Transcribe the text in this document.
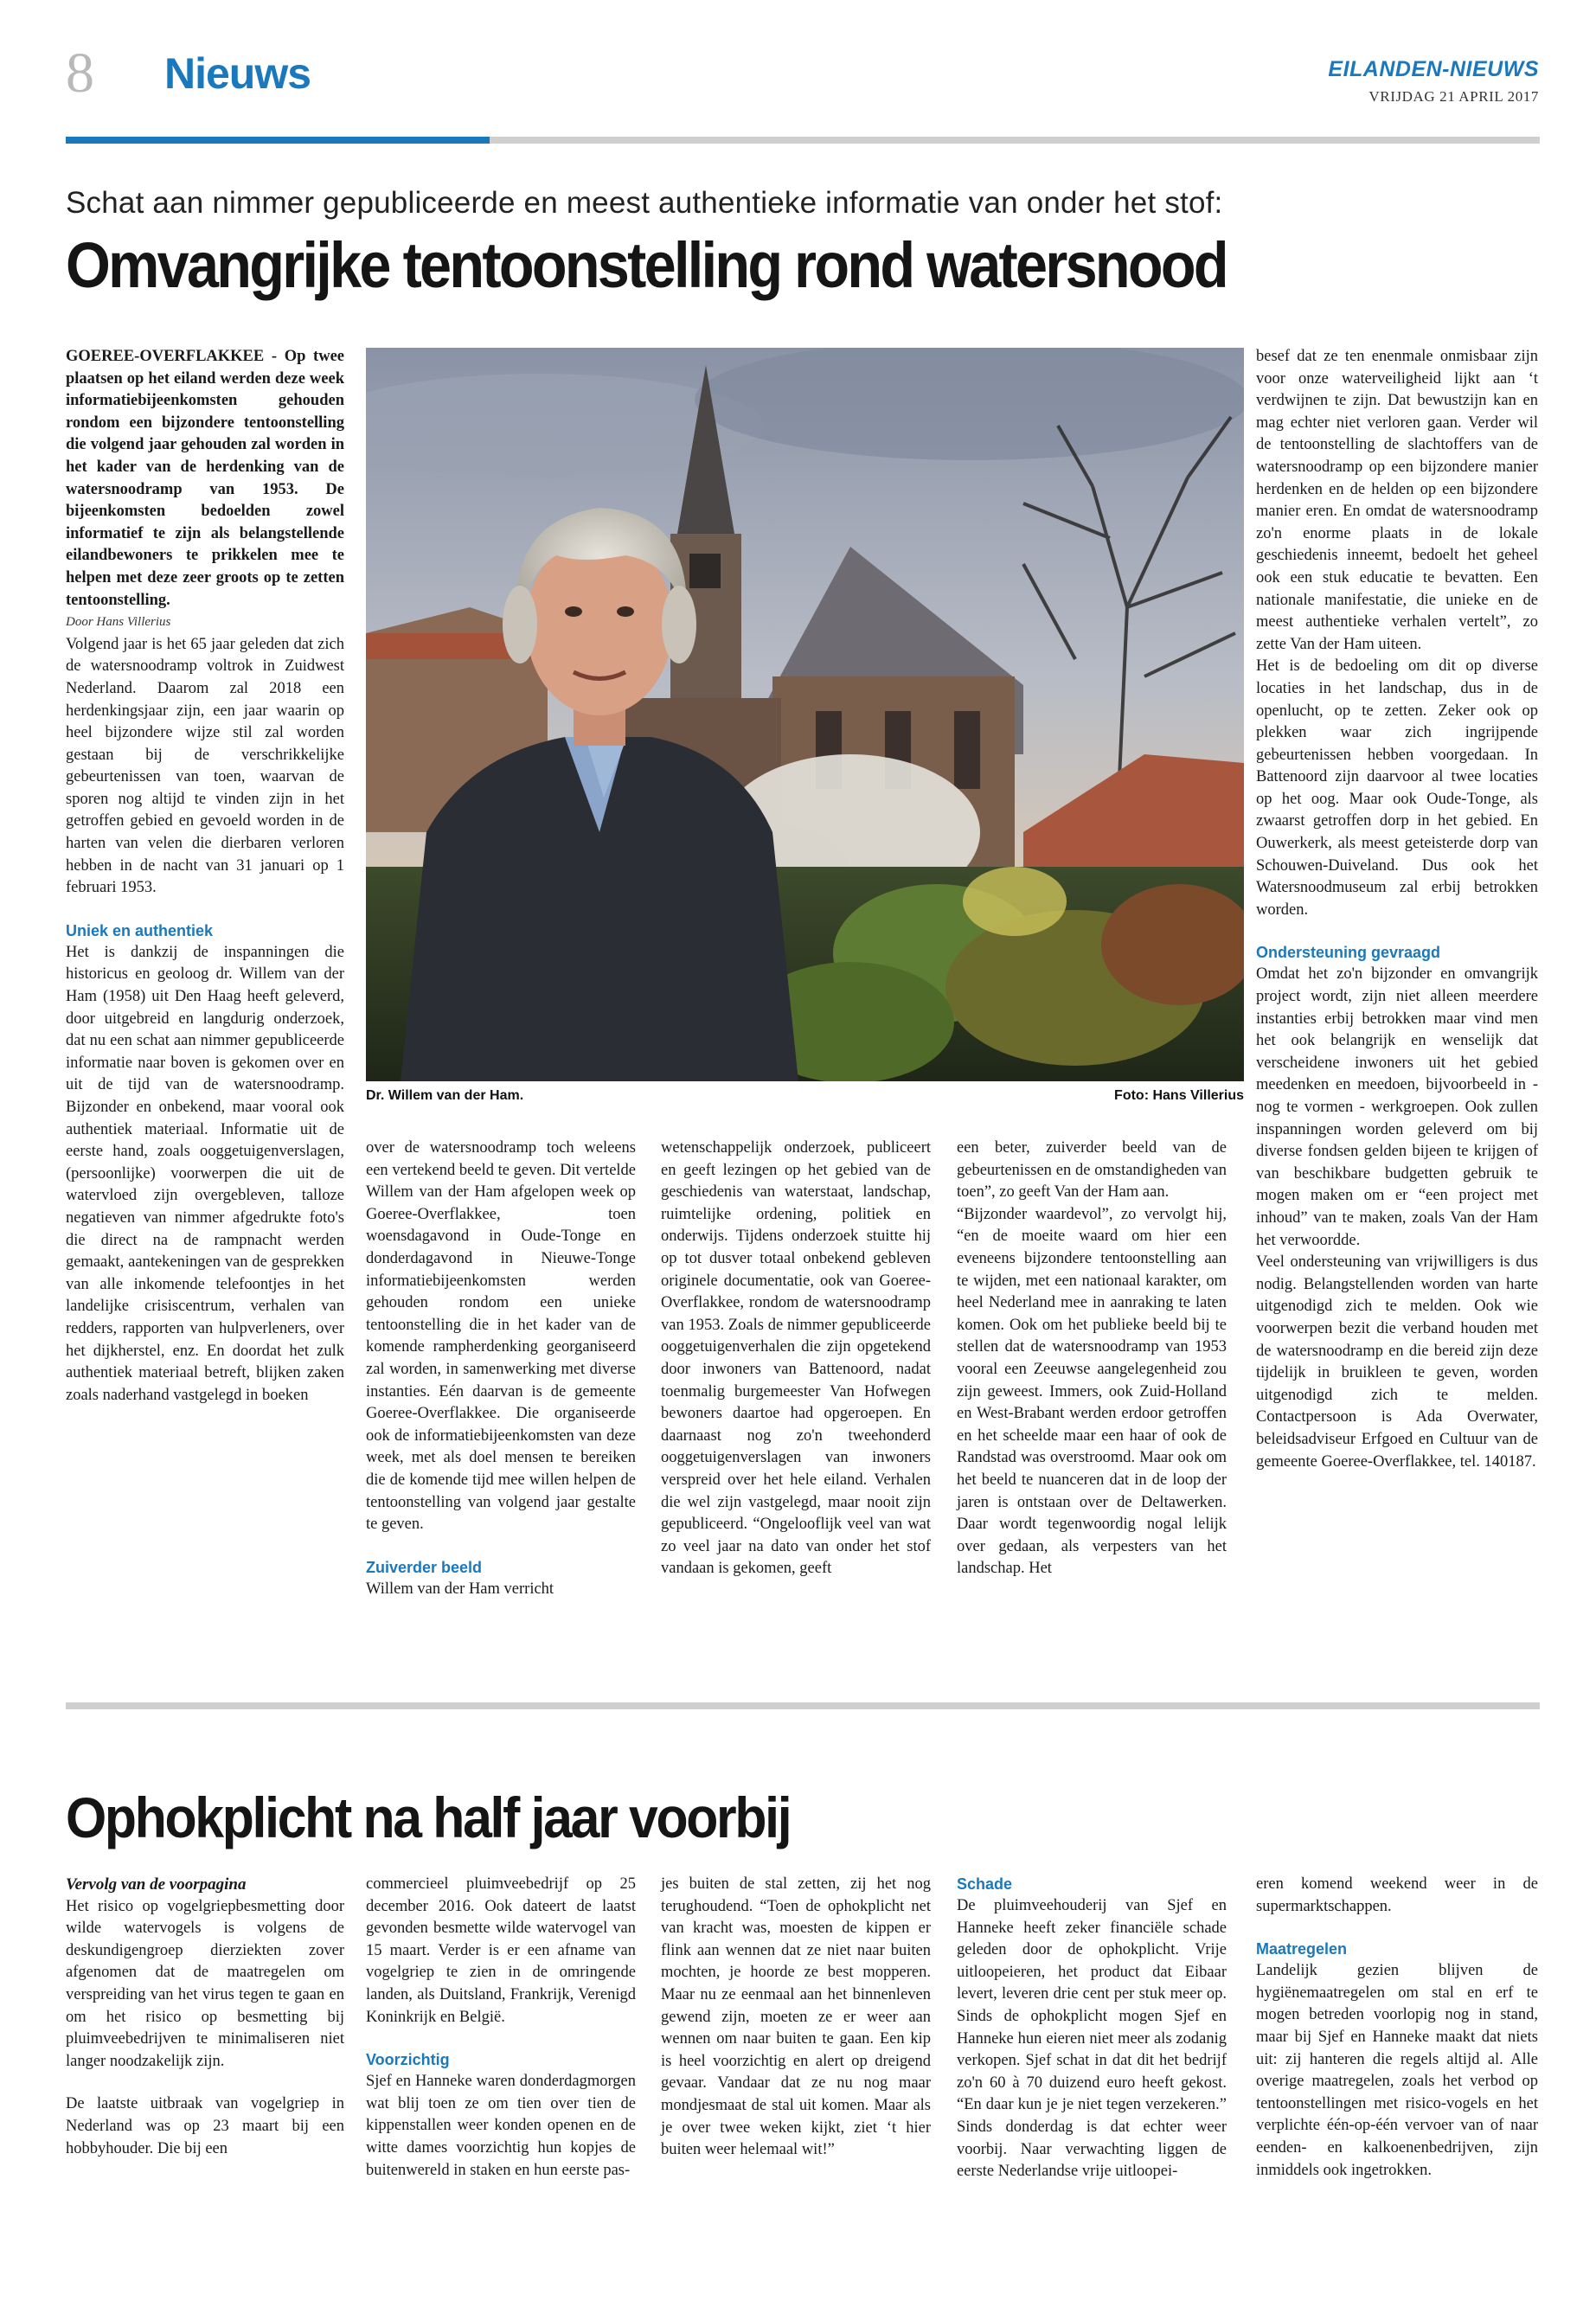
8 Nieuws	EILANDEN-NIEUWS
VRIJDAG 21 APRIL 2017
Schat aan nimmer gepubliceerde en meest authentieke informatie van onder het stof:
Omvangrijke tentoonstelling rond watersnood

GOEREE-OVERFLAKKEE - Op twee plaatsen op het eiland werden deze week informatiebijeenkomsten gehouden rondom een bijzondere tentoonstelling die volgend jaar gehouden zal worden in het kader van de herdenking van de watersnoodramp van 1953. De bijeenkomsten bedoelden zowel informatief te zijn als belangstellende eilandbewoners te prikkelen mee te helpen met deze zeer groots op te zetten tentoonstelling.

Door Hans Villerius

Volgend jaar is het 65 jaar geleden dat zich de watersnoodramp voltrok in Zuidwest Nederland. Daarom zal 2018 een herdenkingsjaar zijn, een jaar waarin op heel bijzondere wijze stil zal worden gestaan bij de verschrikkelijke gebeurtenissen van toen, waarvan de sporen nog altijd te vinden zijn in het getroffen gebied en gevoeld worden in de harten van velen die dierbaren verloren hebben in de nacht van 31 januari op 1 februari 1953.

Uniek en authentiek

Het is dankzij de inspanningen die historicus en geoloog dr. Willem van der Ham (1958) uit Den Haag heeft geleverd, door uitgebreid en langdurig onderzoek, dat nu een schat aan nimmer gepubliceerde informatie naar boven is gekomen over en uit de tijd van de watersnoodramp. Bijzonder en onbekend, maar vooral ook authentiek materiaal. Informatie uit de eerste hand, zoals ooggetuigenverslagen, (persoonlijke) voorwerpen die uit de watervloed zijn overgebleven, talloze negatieven van nimmer afgedrukte foto's die direct na de rampnacht werden gemaakt, aantekeningen van de gesprekken van alle inkomende telefoontjes in het landelijke crisiscentrum, verhalen van redders, rapporten van hulpverleners, over het dijkherstel, enz. En doordat het zulk authentiek materiaal betreft, blijken zaken zoals naderhand vastgelegd in boeken

Dr. Willem van der Ham.	Foto: Hans Villerius

over de watersnoodramp toch weleens een vertekend beeld te geven. Dit vertelde Willem van der Ham afgelopen week op Goeree-Overflakkee, toen woensdagavond in Oude-Tonge en donderdagavond in Nieuwe-Tonge informatiebijeenkomsten werden gehouden rondom een unieke tentoonstelling die in het kader van de komende rampherdenking georganiseerd zal worden, in samenwerking met diverse instanties. Eén daarvan is de gemeente Goeree-Overflakkee. Die organiseerde ook de informatiebijeenkomsten van deze week, met als doel mensen te bereiken die de komende tijd mee willen helpen de tentoonstelling van volgend jaar gestalte te geven.

Zuiverder beeld

Willem van der Ham verricht

wetenschappelijk onderzoek, publiceert en geeft lezingen op het gebied van de geschiedenis van waterstaat, landschap, ruimtelijke ordening, politiek en onderwijs. Tijdens onderzoek stuitte hij op tot dusver totaal onbekend gebleven originele documentatie, ook van Goeree-Overflakkee, rondom de watersnoodramp van 1953. Zoals de nimmer gepubliceerde ooggetuigenverhalen die zijn opgetekend door inwoners van Battenoord, nadat toenmalig burgemeester Van Hofwegen bewoners daartoe had opgeroepen. En daarnaast nog zo'n tweehonderd ooggetuigenverslagen van inwoners verspreid over het hele eiland. Verhalen die wel zijn vastgelegd, maar nooit zijn gepubliceerd. “Ongelooflijk veel van wat zo veel jaar na dato van onder het stof vandaan is gekomen, geeft

een beter, zuiverder beeld van de gebeurtenissen en de omstandigheden van toen”, zo geeft Van der Ham aan.

“Bijzonder waardevol”, zo vervolgt hij, “en de moeite waard om hier een eveneens bijzondere tentoonstelling aan te wijden, met een nationaal karakter, om heel Nederland mee in aanraking te laten komen. Ook om het publieke beeld bij te stellen dat de watersnoodramp van 1953 vooral een Zeeuwse aangelegenheid zou zijn geweest. Immers, ook Zuid-Holland en West-Brabant werden erdoor getroffen en het scheelde maar een haar of ook de Randstad was overstroomd. Maar ook om het beeld te nuanceren dat in de loop der jaren is ontstaan over de Deltawerken. Daar wordt tegenwoordig nogal lelijk over gedaan, als verpesters van het landschap. Het

besef dat ze ten enenmale onmisbaar zijn voor onze waterveiligheid lijkt aan ‘t verdwijnen te zijn. Dat bewustzijn kan en mag echter niet verloren gaan. Verder wil de tentoonstelling de slachtoffers van de watersnoodramp op een bijzondere manier herdenken en de helden op een bijzondere manier eren. En omdat de watersnoodramp zo'n enorme plaats in de lokale geschiedenis inneemt, bedoelt het geheel ook een stuk educatie te bevatten. Een nationale manifestatie, die unieke en de meest authentieke verhalen vertelt”, zo zette Van der Ham uiteen.

Het is de bedoeling om dit op diverse locaties in het landschap, dus in de openlucht, op te zetten. Zeker ook op plekken waar zich ingrijpende gebeurtenissen hebben voorgedaan. In Battenoord zijn daarvoor al twee locaties op het oog. Maar ook Oude-Tonge, als zwaarst getroffen dorp in het gebied. En Ouwerkerk, als meest geteisterde dorp van Schouwen-Duiveland. Dus ook het Watersnoodmuseum zal erbij betrokken worden.

Ondersteuning gevraagd

Omdat het zo'n bijzonder en omvangrijk project wordt, zijn niet alleen meerdere instanties erbij betrokken maar vind men het ook belangrijk en wenselijk dat verscheidene inwoners uit het gebied meedenken en meedoen, bijvoorbeeld in - nog te vormen - werkgroepen. Ook zullen inspanningen worden geleverd om bij diverse fondsen gelden bijeen te krijgen of van beschikbare budgetten gebruik te mogen maken om er “een project met inhoud” van te maken, zoals Van der Ham het verwoordde.

Veel ondersteuning van vrijwilligers is dus nodig. Belangstellenden worden van harte uitgenodigd zich te melden. Ook wie voorwerpen bezit die verband houden met de watersnoodramp en die bereid zijn deze tijdelijk in bruikleen te geven, worden uitgenodigd zich te melden. Contactpersoon is Ada Overwater, beleidsadviseur Erfgoed en Cultuur van de gemeente Goeree-Overflakkee, tel. 140187.

Ophokplicht na half jaar voorbij

Vervolg van de voorpagina

Het risico op vogelgriepbesmetting door wilde watervogels is volgens de deskundigengroep dierziekten zover afgenomen dat de maatregelen om verspreiding van het virus tegen te gaan en om het risico op besmetting bij pluimveebedrijven te minimaliseren niet langer noodzakelijk zijn.

De laatste uitbraak van vogelgriep in Nederland was op 23 maart bij een hobbyhouder. Die bij een

commercieel pluimveebedrijf op 25 december 2016. Ook dateert de laatst gevonden besmette wilde watervogel van 15 maart. Verder is er een afname van vogelgriep te zien in de omringende landen, als Duitsland, Frankrijk, Verenigd Koninkrijk en België.

Voorzichtig

Sjef en Hanneke waren donderdagmorgen wat blij toen ze om tien over tien de kippenstallen weer konden openen en de witte dames voorzichtig hun kopjes de buitenwereld in staken en hun eerste pas-

jes buiten de stal zetten, zij het nog terughoudend. “Toen de ophokplicht net van kracht was, moesten de kippen er flink aan wennen dat ze niet naar buiten mochten, je hoorde ze best mopperen. Maar nu ze eenmaal aan het binnenleven gewend zijn, moeten ze er weer aan wennen om naar buiten te gaan. Een kip is heel voorzichtig en alert op dreigend gevaar. Vandaar dat ze nu nog maar mondjesmaat de stal uit komen. Maar als je over twee weken kijkt, ziet ‘t hier buiten weer helemaal wit!”

Schade

De pluimveehouderij van Sjef en Hanneke heeft zeker financiële schade geleden door de ophokplicht. Vrije uitloopeieren, het product dat Eibaar levert, leveren drie cent per stuk meer op. Sinds de ophokplicht mogen Sjef en Hanneke hun eieren niet meer als zodanig verkopen. Sjef schat in dat dit het bedrijf zo'n 60 à 70 duizend euro heeft gekost. “En daar kun je je niet tegen verzekeren.” Sinds donderdag is dat echter weer voorbij. Naar verwachting liggen de eerste Nederlandse vrije uitloopei-

eren komend weekend weer in de supermarktschappen.

Maatregelen

Landelijk gezien blijven de hygiënemaatregelen om stal en erf te mogen betreden voorlopig nog in stand, maar bij Sjef en Hanneke maakt dat niets uit: zij hanteren die regels altijd al. Alle overige maatregelen, zoals het verbod op tentoonstellingen met risico-vogels en het verplichte één-op-één vervoer van of naar eenden- en kalkoenenbedrijven, zijn inmiddels ook ingetrokken.
